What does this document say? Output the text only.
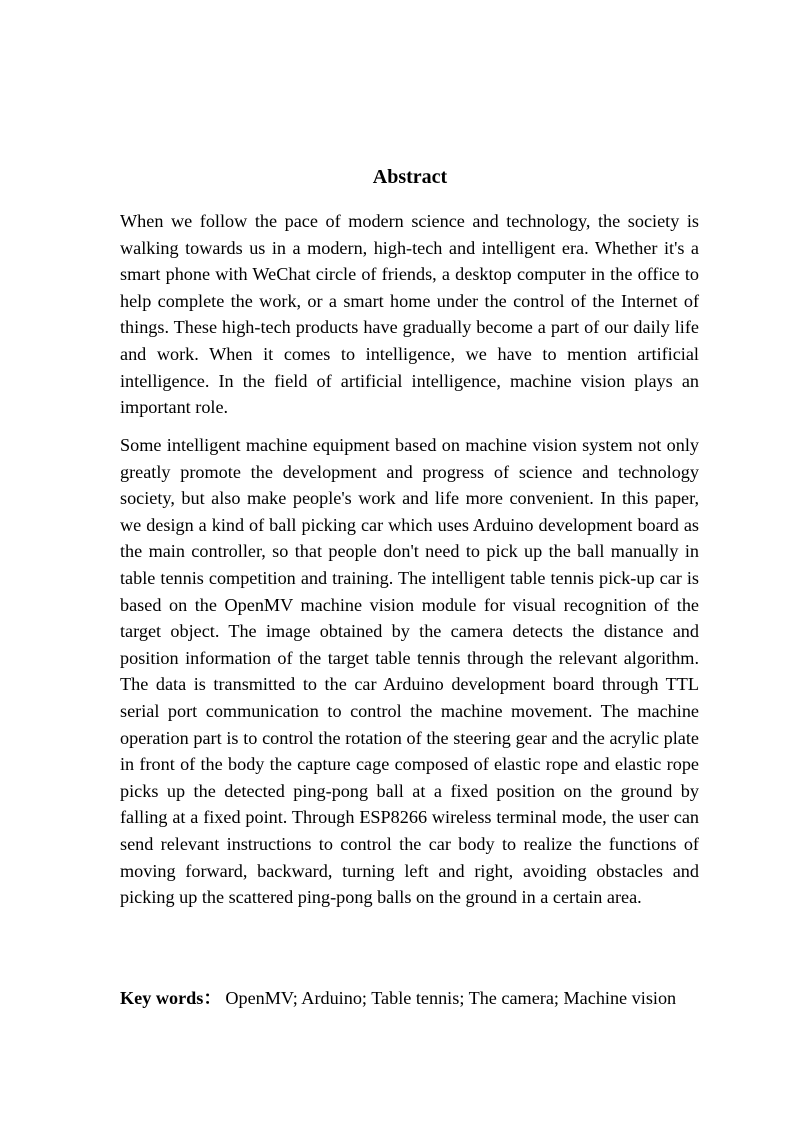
Abstract

When we follow the pace of modern science and technology, the society is walking towards us in a modern, high-tech and intelligent era. Whether it's a smart phone with WeChat circle of friends, a desktop computer in the office to help complete the work, or a smart home under the control of the Internet of things. These high-tech products have gradually become a part of our daily life and work. When it comes to intelligence, we have to mention artificial intelligence. In the field of artificial intelligence, machine vision plays an important role.

Some intelligent machine equipment based on machine vision system not only greatly promote the development and progress of science and technology society, but also make people's work and life more convenient. In this paper, we design a kind of ball picking car which uses Arduino development board as the main controller, so that people don't need to pick up the ball manually in table tennis competition and training. The intelligent table tennis pick-up car is based on the OpenMV machine vision module for visual recognition of the target object. The image obtained by the camera detects the distance and position information of the target table tennis through the relevant algorithm. The data is transmitted to the car Arduino development board through TTL serial port communication to control the machine movement. The machine operation part is to control the rotation of the steering gear and the acrylic plate in front of the body the capture cage composed of elastic rope and elastic rope picks up the detected ping-pong ball at a fixed position on the ground by falling at a fixed point. Through ESP8266 wireless terminal mode, the user can send relevant instructions to control the car body to realize the functions of moving forward, backward, turning left and right, avoiding obstacles and picking up the scattered ping-pong balls on the ground in a certain area.

Key words： OpenMV; Arduino; Table tennis; The camera; Machine vision
